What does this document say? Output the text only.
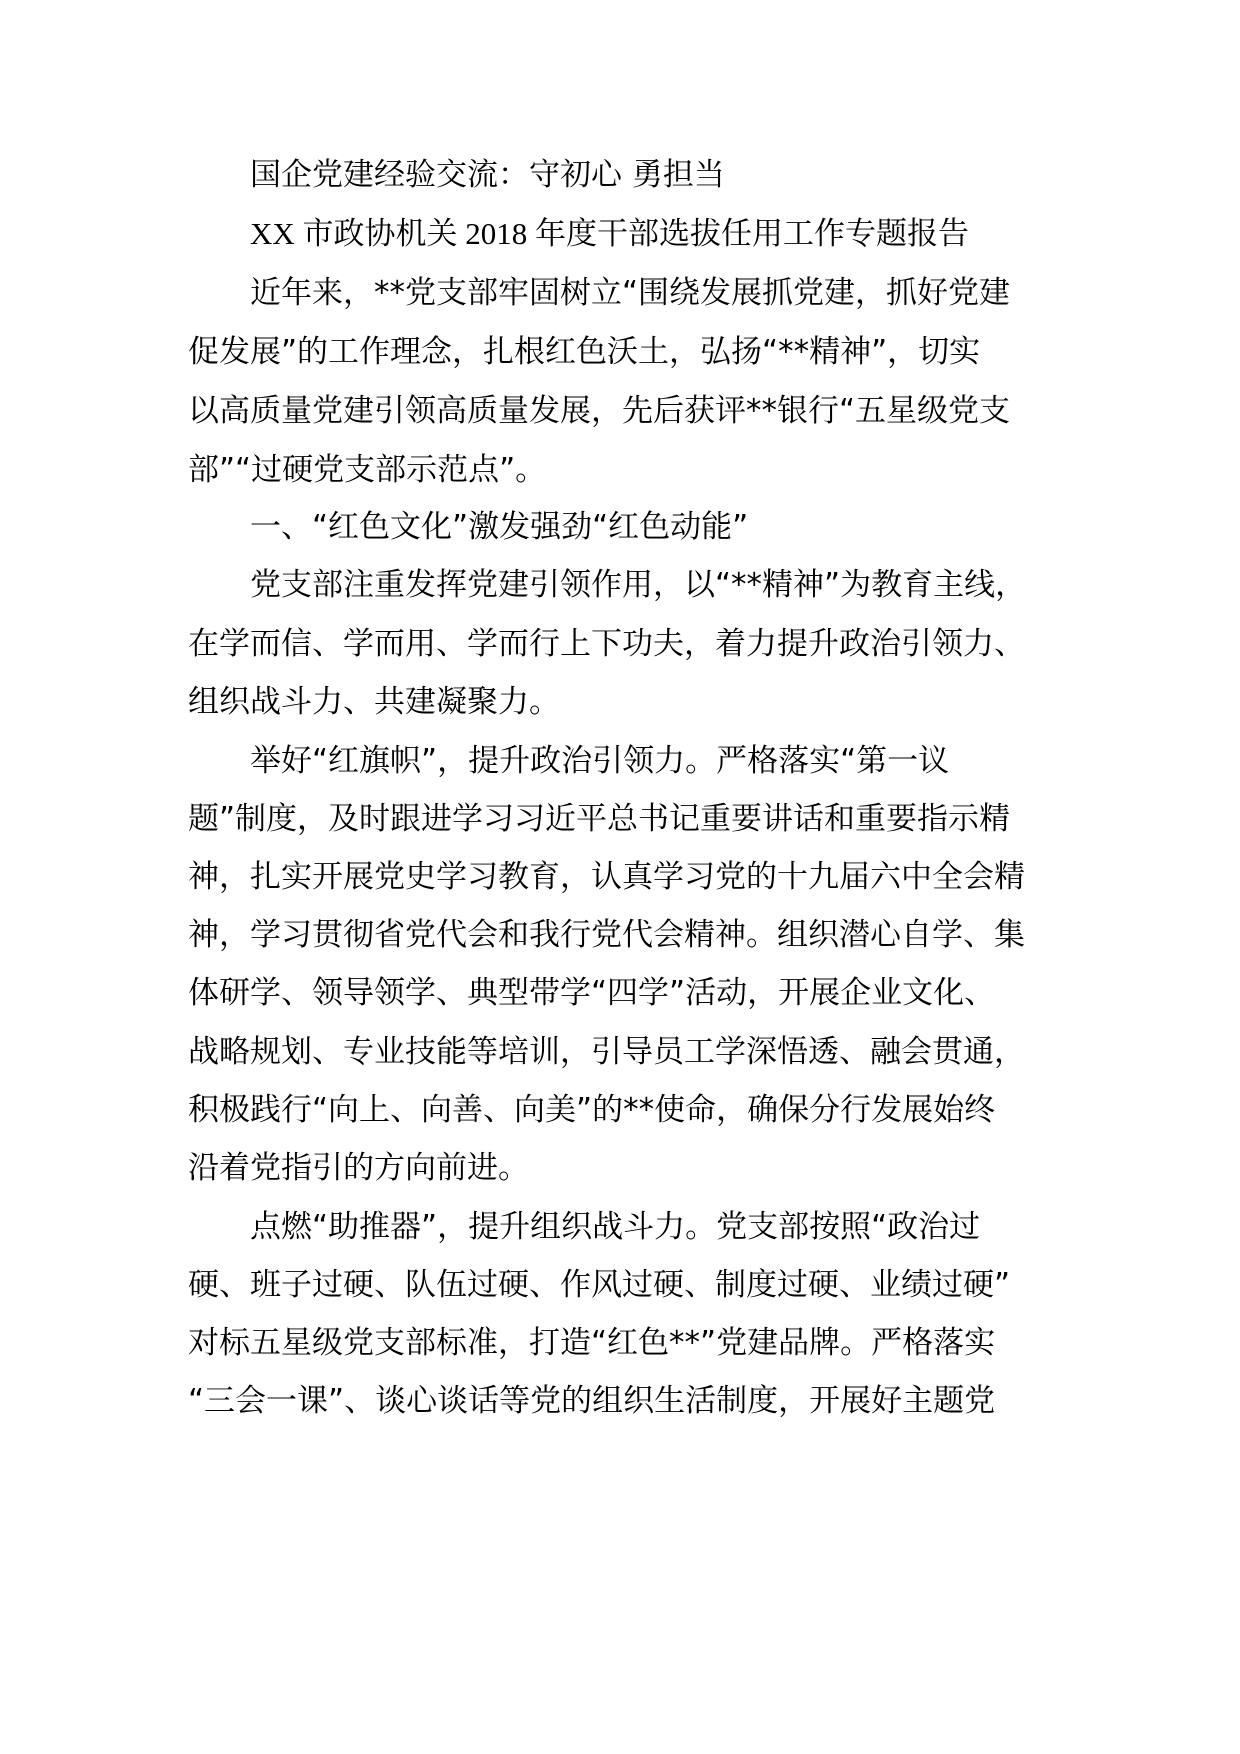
国企党建经验交流：守初心 勇担当
XX 市政协机关 2018 年度干部选拔任用工作专题报告
近年来，**党支部牢固树立“围绕发展抓党建，抓好党建
促发展”的工作理念，扎根红色沃土，弘扬“**精神”，切实
以高质量党建引领高质量发展，先后获评**银行“五星级党支
部”“过硬党支部示范点”。
一、“红色文化”激发强劲“红色动能”
党支部注重发挥党建引领作用，以“**精神”为教育主线，
在学而信、学而用、学而行上下功夫，着力提升政治引领力、
组织战斗力、共建凝聚力。
举好“红旗帜”，提升政治引领力。严格落实“第一议
题”制度，及时跟进学习习近平总书记重要讲话和重要指示精
神，扎实开展党史学习教育，认真学习党的十九届六中全会精
神，学习贯彻省党代会和我行党代会精神。组织潜心自学、集
体研学、领导领学、典型带学“四学”活动，开展企业文化、
战略规划、专业技能等培训，引导员工学深悟透、融会贯通，
积极践行“向上、向善、向美”的**使命，确保分行发展始终
沿着党指引的方向前进。
点燃“助推器”，提升组织战斗力。党支部按照“政治过
硬、班子过硬、队伍过硬、作风过硬、制度过硬、业绩过硬”
对标五星级党支部标准，打造“红色**”党建品牌。严格落实
“三会一课”、谈心谈话等党的组织生活制度，开展好主题党
